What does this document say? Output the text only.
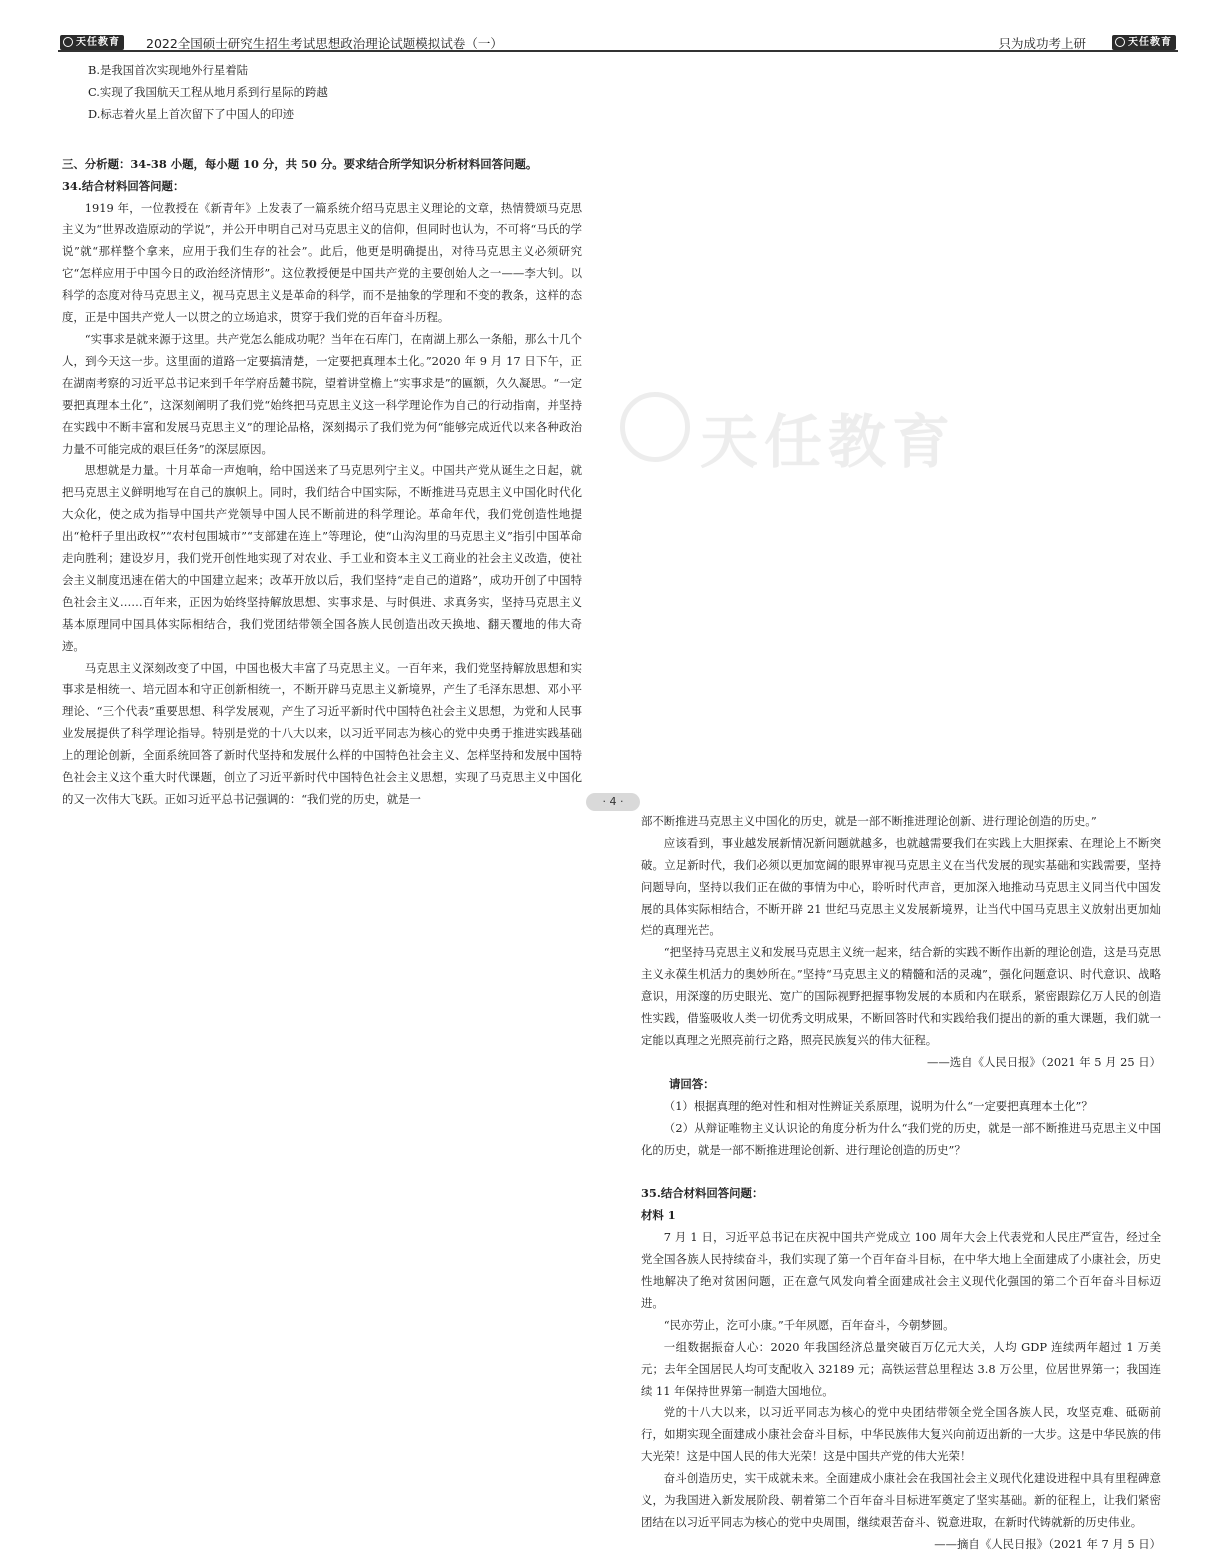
天任教育	2022全国硕士研究生招生考试思想政治理论试题模拟试卷（一）	只为成功考上研	天任教育
天任教育

B.是我国首次实现地外行星着陆

C.实现了我国航天工程从地月系到行星际的跨越

D.标志着火星上首次留下了中国人的印迹

三、分析题：34-38 小题，每小题 10 分，共 50 分。要求结合所学知识分析材料回答问题。

34.结合材料回答问题：

1919 年，一位教授在《新青年》上发表了一篇系统介绍马克思主义理论的文章，热情赞颂马克思主义为“世界改造原动的学说”，并公开申明自己对马克思主义的信仰，但同时也认为，不可将“马氏的学说”就“那样整个拿来，应用于我们生存的社会”。此后，他更是明确提出，对待马克思主义必须研究它“怎样应用于中国今日的政治经济情形”。这位教授便是中国共产党的主要创始人之一——李大钊。以科学的态度对待马克思主义，视马克思主义是革命的科学，而不是抽象的学理和不变的教条，这样的态度，正是中国共产党人一以贯之的立场追求，贯穿于我们党的百年奋斗历程。

“实事求是就来源于这里。共产党怎么能成功呢？当年在石库门，在南湖上那么一条船，那么十几个人，到今天这一步。这里面的道路一定要搞清楚，一定要把真理本土化。”2020 年 9 月 17 日下午，正在湖南考察的习近平总书记来到千年学府岳麓书院，望着讲堂檐上“实事求是”的匾额，久久凝思。“一定要把真理本土化”，这深刻阐明了我们党“始终把马克思主义这一科学理论作为自己的行动指南，并坚持在实践中不断丰富和发展马克思主义”的理论品格，深刻揭示了我们党为何“能够完成近代以来各种政治力量不可能完成的艰巨任务”的深层原因。

思想就是力量。十月革命一声炮响，给中国送来了马克思列宁主义。中国共产党从诞生之日起，就把马克思主义鲜明地写在自己的旗帜上。同时，我们结合中国实际，不断推进马克思主义中国化时代化大众化，使之成为指导中国共产党领导中国人民不断前进的科学理论。革命年代，我们党创造性地提出“枪杆子里出政权”“农村包围城市”“支部建在连上”等理论，使“山沟沟里的马克思主义”指引中国革命走向胜利；建设岁月，我们党开创性地实现了对农业、手工业和资本主义工商业的社会主义改造，使社会主义制度迅速在偌大的中国建立起来；改革开放以后，我们坚持“走自己的道路”，成功开创了中国特色社会主义……百年来，正因为始终坚持解放思想、实事求是、与时俱进、求真务实，坚持马克思主义基本原理同中国具体实际相结合，我们党团结带领全国各族人民创造出改天换地、翻天覆地的伟大奇迹。

马克思主义深刻改变了中国，中国也极大丰富了马克思主义。一百年来，我们党坚持解放思想和实事求是相统一、培元固本和守正创新相统一，不断开辟马克思主义新境界，产生了毛泽东思想、邓小平理论、“三个代表”重要思想、科学发展观，产生了习近平新时代中国特色社会主义思想，为党和人民事业发展提供了科学理论指导。特别是党的十八大以来，以习近平同志为核心的党中央勇于推进实践基础上的理论创新，全面系统回答了新时代坚持和发展什么样的中国特色社会主义、怎样坚持和发展中国特色社会主义这个重大时代课题，创立了习近平新时代中国特色社会主义思想，实现了马克思主义中国化的又一次伟大飞跃。正如习近平总书记强调的：“我们党的历史，就是一

部不断推进马克思主义中国化的历史，就是一部不断推进理论创新、进行理论创造的历史。”

应该看到，事业越发展新情况新问题就越多，也就越需要我们在实践上大胆探索、在理论上不断突破。立足新时代，我们必须以更加宽阔的眼界审视马克思主义在当代发展的现实基础和实践需要，坚持问题导向，坚持以我们正在做的事情为中心，聆听时代声音，更加深入地推动马克思主义同当代中国发展的具体实际相结合，不断开辟 21 世纪马克思主义发展新境界，让当代中国马克思主义放射出更加灿烂的真理光芒。

“把坚持马克思主义和发展马克思主义统一起来，结合新的实践不断作出新的理论创造，这是马克思主义永葆生机活力的奥妙所在。”坚持“马克思主义的精髓和活的灵魂”，强化问题意识、时代意识、战略意识，用深邃的历史眼光、宽广的国际视野把握事物发展的本质和内在联系，紧密跟踪亿万人民的创造性实践，借鉴吸收人类一切优秀文明成果，不断回答时代和实践给我们提出的新的重大课题，我们就一定能以真理之光照亮前行之路，照亮民族复兴的伟大征程。

——选自《人民日报》（2021 年 5 月 25 日）

请回答：

（1）根据真理的绝对性和相对性辨证关系原理，说明为什么“一定要把真理本土化”？

（2）从辩证唯物主义认识论的角度分析为什么“我们党的历史，就是一部不断推进马克思主义中国化的历史，就是一部不断推进理论创新、进行理论创造的历史”？

35.结合材料回答问题：

材料 1

7 月 1 日，习近平总书记在庆祝中国共产党成立 100 周年大会上代表党和人民庄严宣告，经过全党全国各族人民持续奋斗，我们实现了第一个百年奋斗目标，在中华大地上全面建成了小康社会，历史性地解决了绝对贫困问题，正在意气风发向着全面建成社会主义现代化强国的第二个百年奋斗目标迈进。

“民亦劳止，汔可小康。”千年夙愿，百年奋斗，今朝梦圆。

一组数据振奋人心：2020 年我国经济总量突破百万亿元大关，人均 GDP 连续两年超过 1 万美元；去年全国居民人均可支配收入 32189 元；高铁运营总里程达 3.8 万公里，位居世界第一；我国连续 11 年保持世界第一制造大国地位。

党的十八大以来，以习近平同志为核心的党中央团结带领全党全国各族人民，攻坚克难、砥砺前行，如期实现全面建成小康社会奋斗目标，中华民族伟大复兴向前迈出新的一大步。这是中华民族的伟大光荣！这是中国人民的伟大光荣！这是中国共产党的伟大光荣！

奋斗创造历史，实干成就未来。全面建成小康社会在我国社会主义现代化建设进程中具有里程碑意义，为我国进入新发展阶段、朝着第二个百年奋斗目标进军奠定了坚实基础。新的征程上，让我们紧密团结在以习近平同志为核心的党中央周围，继续艰苦奋斗、锐意进取，在新时代铸就新的历史伟业。

——摘自《人民日报》（2021 年 7 月 5 日）

· 4 ·
